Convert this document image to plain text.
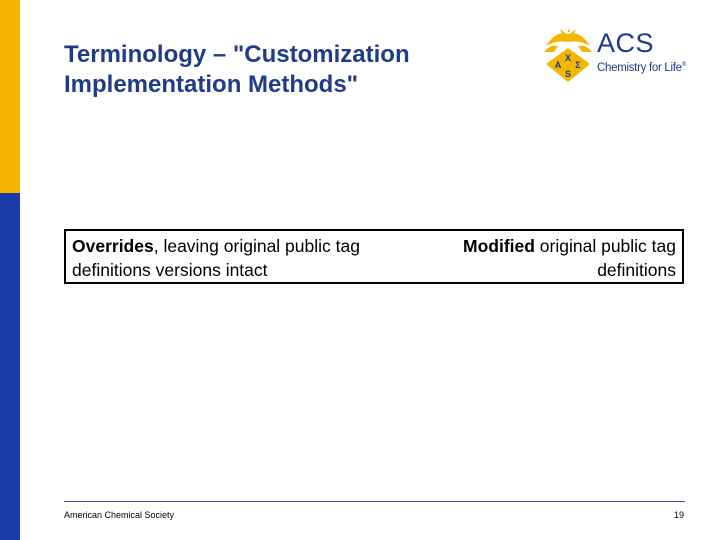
Terminology – "Customization
Implementation Methods"
A
Χ
Σ
S
ACS
Chemistry for Life®
Overrides, leaving original public tag definitions versions intact
Modified original public tag definitions
American Chemical Society	19
